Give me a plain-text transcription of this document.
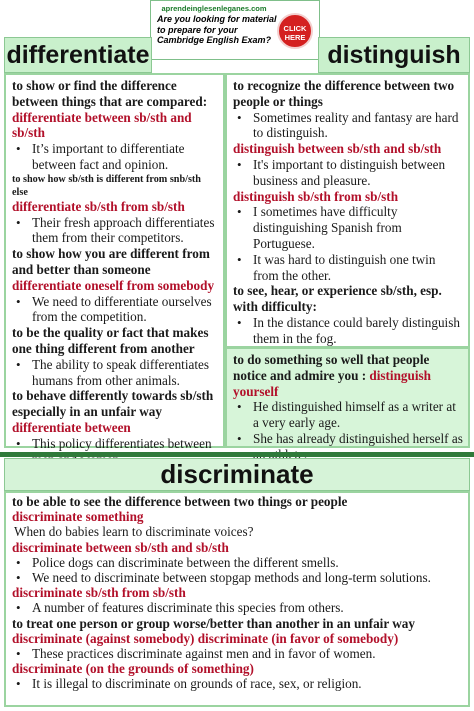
aprendeinglesenleganes.com
Are you looking for material to prepare for your Cambridge English Exam?
CLICK HERE
differentiate	distinguish
to show or find the difference between things that are compared:
differentiate between sb/sth and sb/sth
• It’s important to differentiate between fact and opinion.
to show how sb/sth is different from snb/sth else
differentiate sb/sth from sb/sth
• Their fresh approach differentiates them from their competitors.
to show how you are different from and better than someone
differentiate oneself from somebody
• We need to differentiate ourselves from the competition.
to be the quality or fact that makes one thing different from another
• The ability to speak differentiates humans from other animals.
to behave differently towards sb/sth especially in an unfair way
differentiate between
• This policy differentiates between
to recognize the difference between two people or things
• Sometimes reality and fantasy are hard to distinguish.
distinguish between sb/sth and sb/sth
• It's important to distinguish between business and pleasure.
distinguish sb/sth from sb/sth
• I sometimes have difficulty distinguishing Spanish from Portuguese.
• It was hard to distinguish one twin from the other.
to see, hear, or experience sb/sth, esp. with difficulty:
• In the distance could barely distinguish them in the fog.
to do something so well that people notice and admire you : distinguish yourself
• He distinguished himself as a writer at a very early age.
• She has already distinguished herself as
discriminate
to be able to see the difference between two things or people
discriminate something
When do babies learn to discriminate voices?
discriminate between sb/sth and sb/sth
• Police dogs can discriminate between the different smells.
• We need to discriminate between stopgap methods and long-term solutions.
discriminate sb/sth from sb/sth
• A number of features discriminate this species from others.
to treat one person or group worse/better than another in an unfair way
discriminate (against somebody) discriminate (in favor of somebody)
• These practices discriminate against men and in favor of women.
discriminate (on the grounds of something)
• It is illegal to discriminate on grounds of race, sex, or religion.
